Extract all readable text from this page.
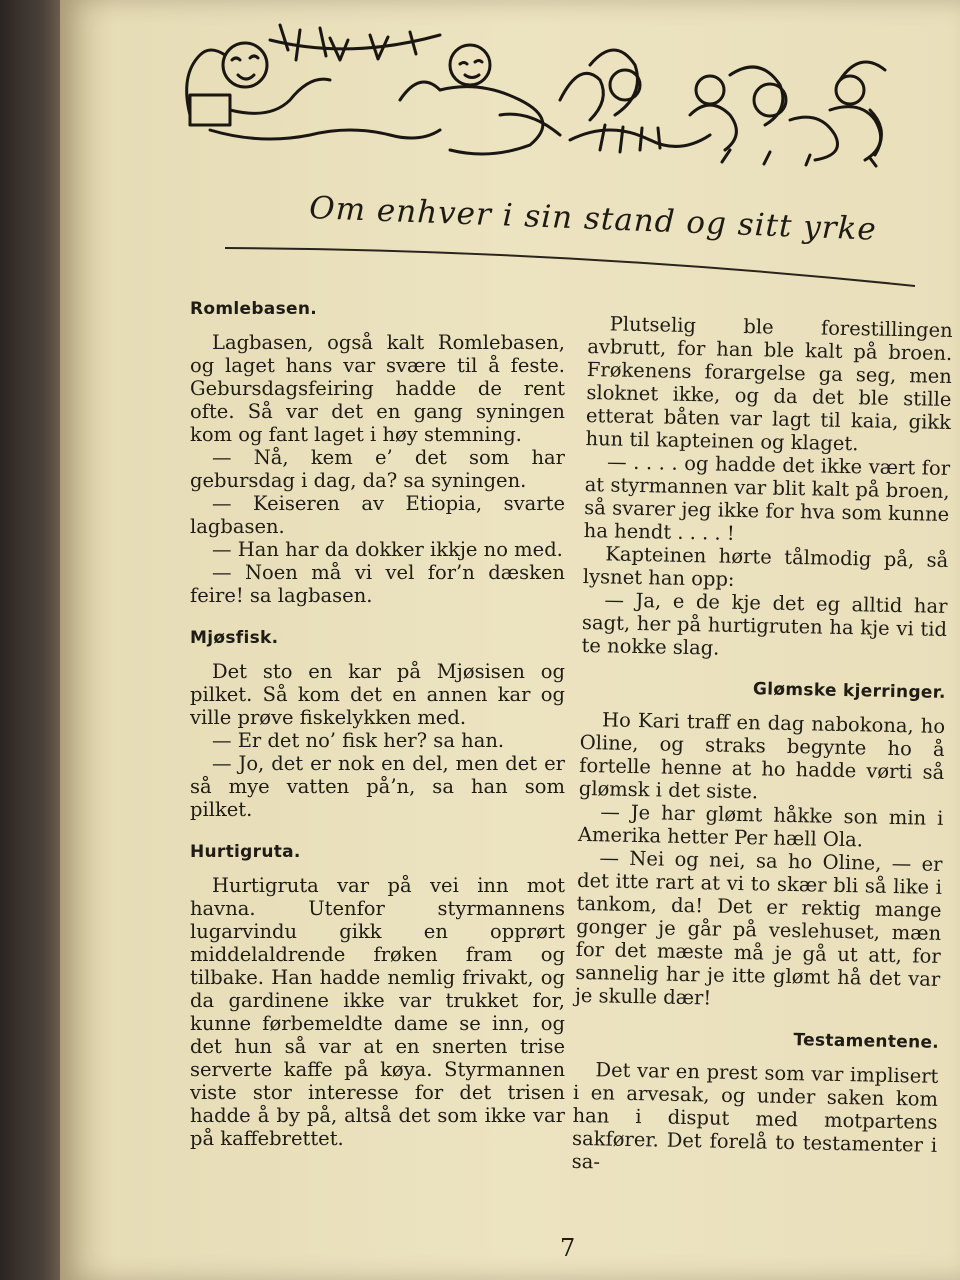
Om enhver i sin stand og sitt yrke
Romlebasen.

Lagbasen, også kalt Romlebasen, og laget hans var svære til å feste. Gebursdagsfeiring hadde de rent ofte. Så var det en gang syningen kom og fant laget i høy stemning.

— Nå, kem e’ det som har gebursdag i dag, da? sa syningen.

— Keiseren av Etiopia, svarte lagbasen.

— Han har da dokker ikkje no med.

— Noen må vi vel for’n dæsken feire! sa lagbasen.

Mjøsfisk.

Det sto en kar på Mjøsisen og pilket. Så kom det en annen kar og ville prøve fiskelykken med.

— Er det no’ fisk her? sa han.

— Jo, det er nok en del, men det er så mye vatten på’n, sa han som pilket.

Hurtigruta.

Hurtigruta var på vei inn mot havna. Utenfor styrmannens lugarvindu gikk en opprørt middelaldrende frøken fram og tilbake. Han hadde nemlig frivakt, og da gardinene ikke var trukket for, kunne førbemeldte dame se inn, og det hun så var at en snerten trise serverte kaffe på køya. Styrmannen viste stor interesse for det trisen hadde å by på, altså det som ikke var på kaffebrettet.

Plutselig ble forestillingen avbrutt, for han ble kalt på broen. Frøkenens forargelse ga seg, men sloknet ikke, og da det ble stille etterat båten var lagt til kaia, gikk hun til kapteinen og klaget.

— . . . . og hadde det ikke vært for at styrmannen var blit kalt på broen, så svarer jeg ikke for hva som kunne ha hendt . . . . !

Kapteinen hørte tålmodig på, så lysnet han opp:

— Ja, e de kje det eg alltid har sagt, her på hurtigruten ha kje vi tid te nokke slag.

Glømske kjerringer.

Ho Kari traff en dag nabokona, ho Oline, og straks begynte ho å fortelle henne at ho hadde vørti så glømsk i det siste.

— Je har glømt håkke son min i Amerika hetter Per hæll Ola.

— Nei og nei, sa ho Oline, — er det itte rart at vi to skær bli så like i tankom, da! Det er rektig mange gonger je går på veslehuset, mæn for det mæste må je gå ut att, for sannelig har je itte glømt hå det var je skulle dær!

Testamentene.

Det var en prest som var implisert i en arvesak, og under saken kom han i disput med motpartens sakfører. Det forelå to testamenter i sa-

7
